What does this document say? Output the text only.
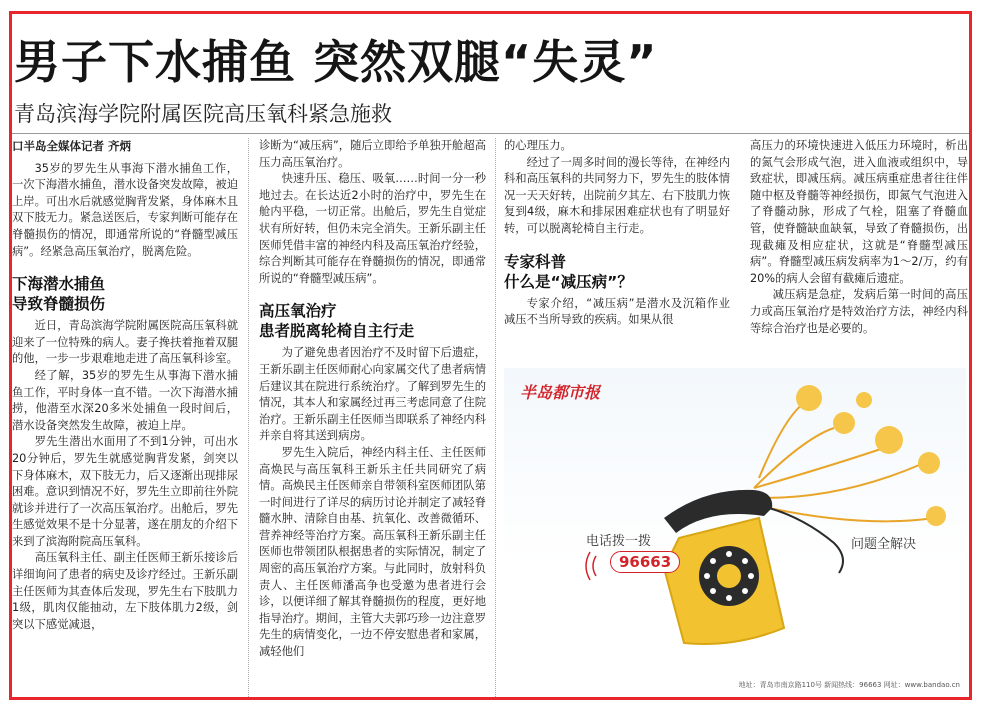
男子下水捕鱼 突然双腿“失灵”
青岛滨海学院附属医院高压氧科紧急施救
口半岛全媒体记者 齐炳

35岁的罗先生从事海下潜水捕鱼工作，一次下海潜水捕鱼，潜水设备突发故障，被迫上岸。可出水后就感觉胸背发紧，身体麻木且双下肢无力。紧急送医后，专家判断可能存在脊髓损伤的情况，即通常所说的“脊髓型减压病”。经紧急高压氧治疗，脱离危险。

下海潜水捕鱼
导致脊髓损伤

近日，青岛滨海学院附属医院高压氧科就迎来了一位特殊的病人。妻子搀扶着拖着双腿的他，一步一步艰难地走进了高压氧科诊室。

经了解，35岁的罗先生从事海下潜水捕鱼工作，平时身体一直不错。一次下海潜水捕捞，他潜至水深20多米处捕鱼一段时间后，潜水设备突然发生故障，被迫上岸。

罗先生潜出水面用了不到1分钟，可出水20分钟后，罗先生就感觉胸背发紧，剑突以下身体麻木，双下肢无力，后又逐渐出现排尿困难。意识到情况不好，罗先生立即前往外院就诊并进行了一次高压氧治疗。出舱后，罗先生感觉效果不是十分显著，遂在朋友的介绍下来到了滨海附院高压氧科。

高压氧科主任、副主任医师王新乐接诊后详细询问了患者的病史及诊疗经过。王新乐副主任医师为其查体后发现，罗先生右下肢肌力1级，肌肉仅能抽动，左下肢体肌力2级，剑突以下感觉减退，

诊断为“减压病”，随后立即给予单独开舱超高压力高压氧治疗。

快速升压、稳压、吸氧……时间一分一秒地过去。在长达近2小时的治疗中，罗先生在舱内平稳，一切正常。出舱后，罗先生自觉症状有所好转，但仍未完全消失。王新乐副主任医师凭借丰富的神经内科及高压氧治疗经验，综合判断其可能存在脊髓损伤的情况，即通常所说的“脊髓型减压病”。

高压氧治疗
患者脱离轮椅自主行走

为了避免患者因治疗不及时留下后遗症，王新乐副主任医师耐心向家属交代了患者病情后建议其在院进行系统治疗。了解到罗先生的情况，其本人和家属经过再三考虑同意了住院治疗。王新乐副主任医师当即联系了神经内科并亲自将其送到病房。

罗先生入院后，神经内科主任、主任医师高焕民与高压氧科王新乐主任共同研究了病情。高焕民主任医师亲自带领科室医师团队第一时间进行了详尽的病历讨论并制定了减轻脊髓水肿、清除自由基、抗氧化、改善微循环、营养神经等治疗方案。高压氧科王新乐副主任医师也带领团队根据患者的实际情况，制定了周密的高压氧治疗方案。与此同时，放射科负责人、主任医师潘高争也受邀为患者进行会诊，以便详细了解其脊髓损伤的程度，更好地指导治疗。期间，主管大夫郭巧珍一边注意罗先生的病情变化，一边不停安慰患者和家属，减轻他们

的心理压力。

经过了一周多时间的漫长等待，在神经内科和高压氧科的共同努力下，罗先生的肢体情况一天天好转，出院前夕其左、右下肢肌力恢复到4级，麻木和排尿困难症状也有了明显好转，可以脱离轮椅自主行走。

专家科普
什么是“减压病”？

专家介绍，“减压病”是潜水及沉箱作业减压不当所导致的疾病。如果从很

高压力的环境快速进入低压力环境时，析出的氮气会形成气泡，进入血液或组织中，导致症状，即减压病。减压病重症患者往往伴随中枢及脊髓等神经损伤，即氮气气泡进入了脊髓动脉，形成了气栓，阻塞了脊髓血管，使脊髓缺血缺氧，导致了脊髓损伤，出现截瘫及相应症状，这就是“脊髓型减压病”。脊髓型减压病发病率为1～2/万，约有20%的病人会留有截瘫后遗症。

减压病是急症，发病后第一时间的高压力或高压氧治疗是特效治疗方法，神经内科等综合治疗也是必要的。

半岛都市报
电话拨一拨
96663
问题全解决
地址：青岛市南京路110号 新闻热线：96663 网址：www.bandao.cn
